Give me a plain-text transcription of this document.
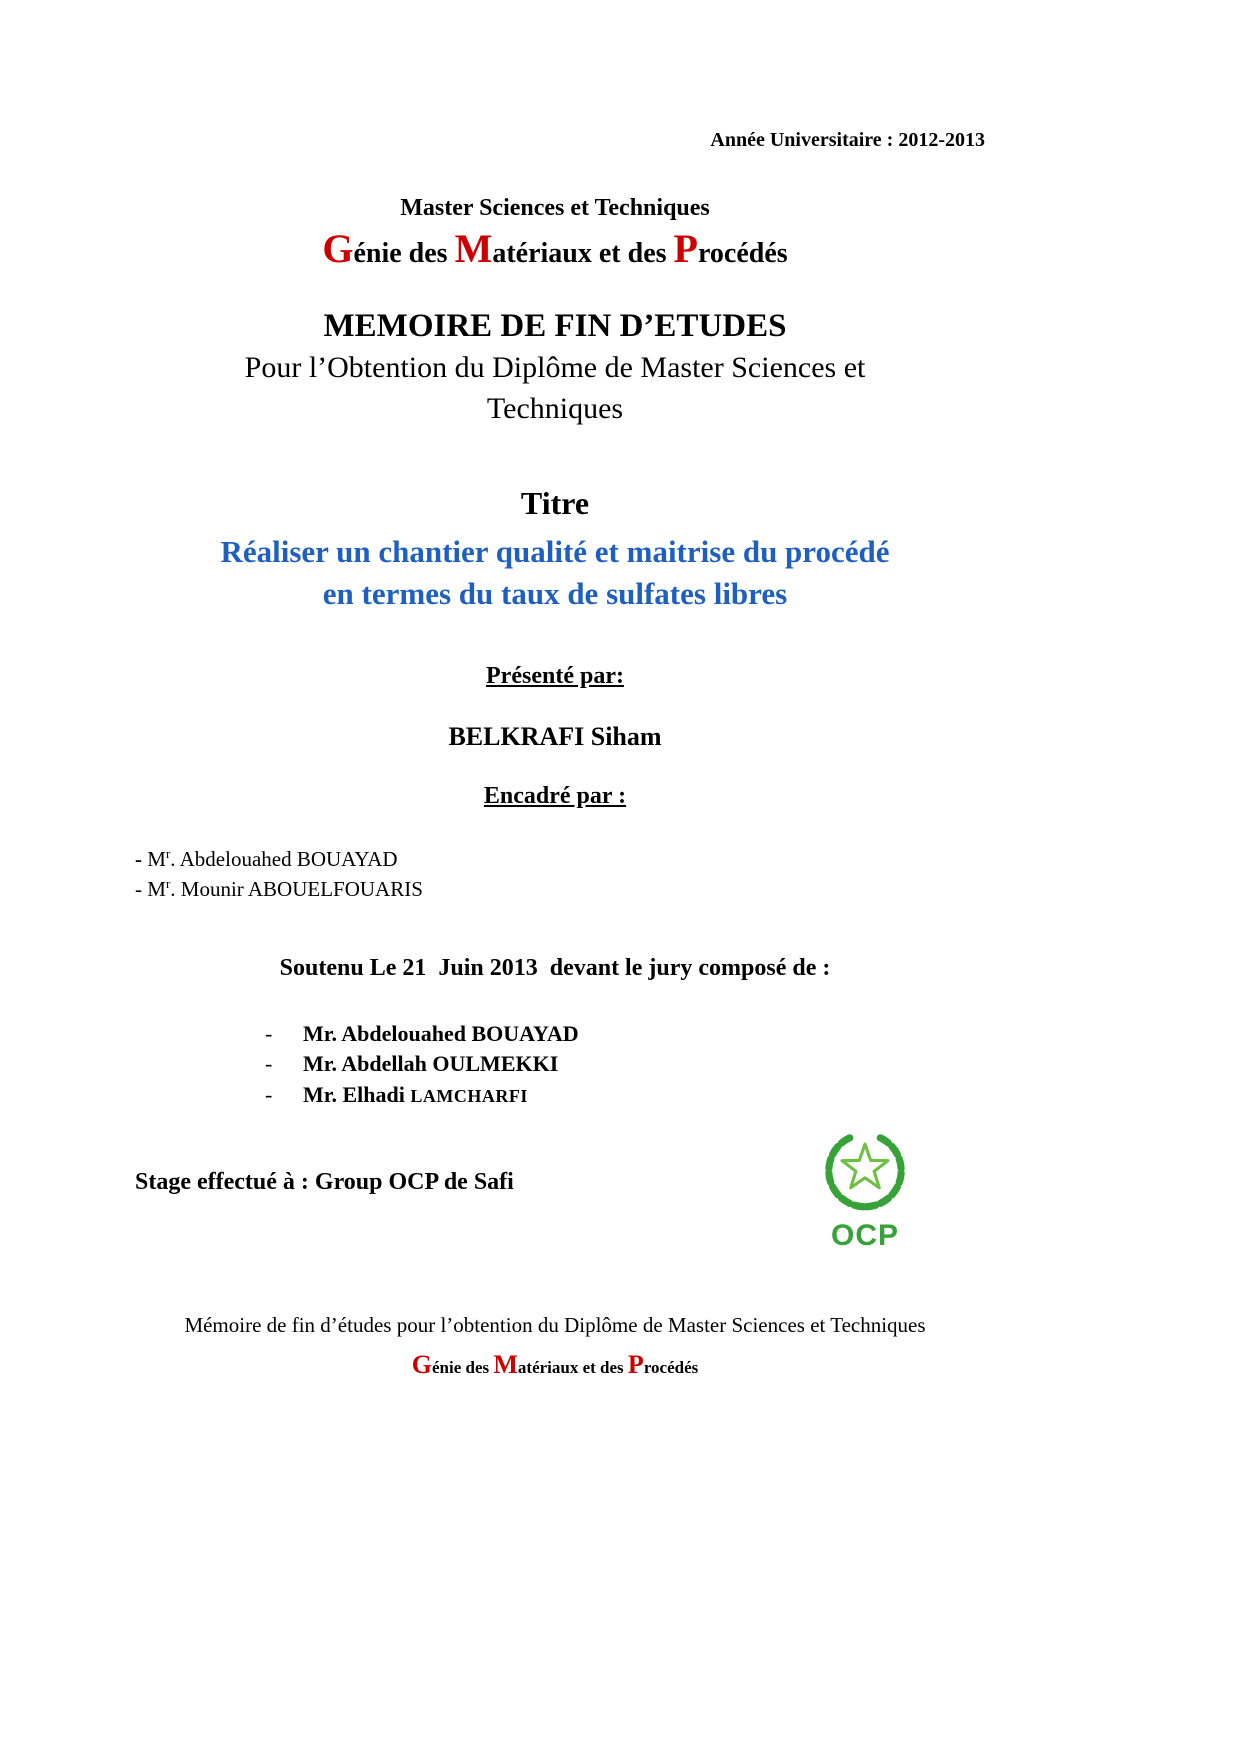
Année Universitaire : 2012-2013
Master Sciences et Techniques
Génie des Matériaux et des Procédés
MEMOIRE DE FIN D’ETUDES
Pour l’Obtention du Diplôme de Master Sciences et Techniques
Titre
Réaliser un chantier qualité et maitrise du procédé
en termes du taux de sulfates libres
Présenté par:
BELKRAFI Siham
Encadré par :
- $M^r$. Abdelouahed BOUAYAD
- $M^r$. Mounir ABOUELFOUARIS
Soutenu Le 21  Juin 2013  devant le jury composé de :
- Mr. Abdelouahed BOUAYAD
- Mr. Abdellah OULMEKKI
- Mr. Elhadi LAMCHARFI
Stage effectué à : Group OCP de Safi
OCP
Mémoire de fin d’études pour l’obtention du Diplôme de Master Sciences et Techniques
Génie des Matériaux et des Procédés
